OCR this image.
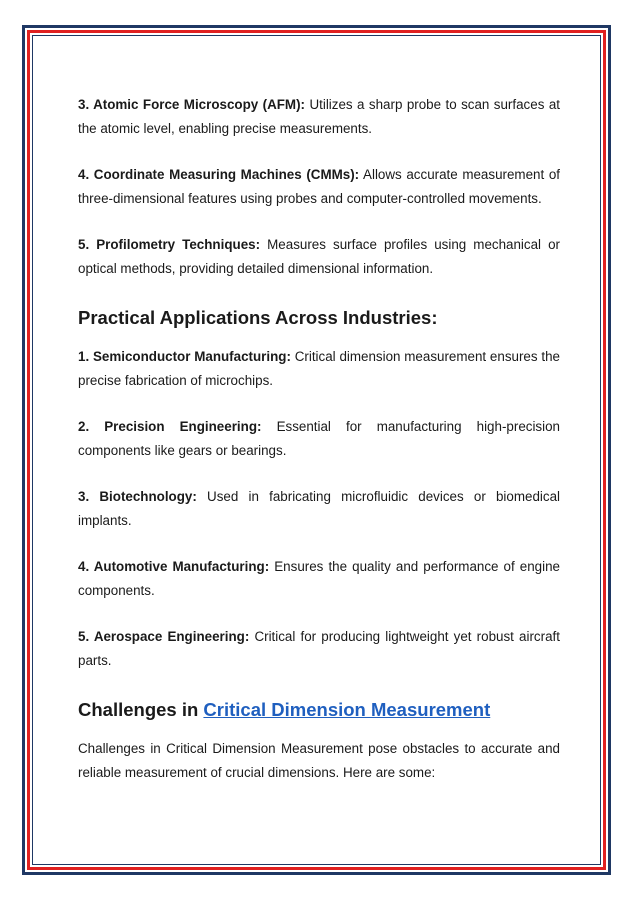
3. Atomic Force Microscopy (AFM): Utilizes a sharp probe to scan surfaces at the atomic level, enabling precise measurements.

4. Coordinate Measuring Machines (CMMs): Allows accurate measurement of three-dimensional features using probes and computer-controlled movements.

5. Profilometry Techniques: Measures surface profiles using mechanical or optical methods, providing detailed dimensional information.

Practical Applications Across Industries:

1. Semiconductor Manufacturing: Critical dimension measurement ensures the precise fabrication of microchips.

2. Precision Engineering: Essential for manufacturing high-precision components like gears or bearings.

3. Biotechnology: Used in fabricating microfluidic devices or biomedical implants.

4. Automotive Manufacturing: Ensures the quality and performance of engine components.

5. Aerospace Engineering: Critical for producing lightweight yet robust aircraft parts.

Challenges in Critical Dimension Measurement

Challenges in Critical Dimension Measurement pose obstacles to accurate and reliable measurement of crucial dimensions. Here are some:
